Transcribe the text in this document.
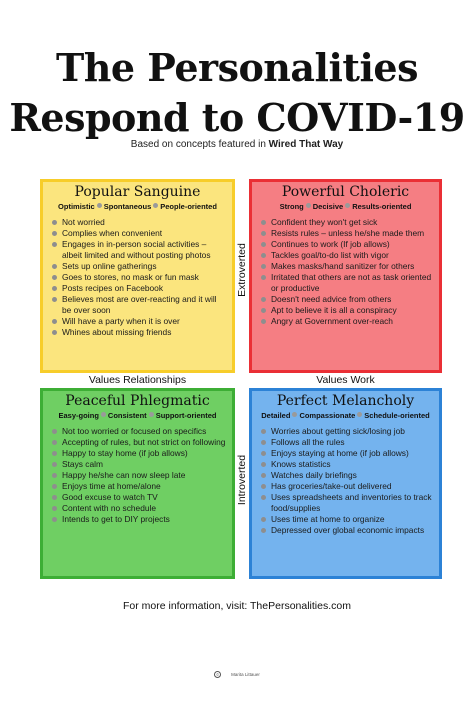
The Personalities
Respond to COVID-19
Based on concepts featured in Wired That Way
Popular Sanguine
Optimistic Spontaneous People-oriented
Not worried
Complies when convenient
Engages in in-person social activities – albeit limited and without posting photos
Sets up online gatherings
Goes to stores, no mask or fun mask
Posts recipes on Facebook
Believes most are over-reacting and it will be over soon
Will have a party when it is over
Whines about missing friends
Powerful Choleric
Strong Decisive Results-oriented
Confident they won't get sick
Resists rules – unless he/she made them
Continues to work (If job allows)
Tackles goal/to-do list with vigor
Makes masks/hand sanitizer for others
Irritated that others are not as task oriented or productive
Doesn't need advice from others
Apt to believe it is all a conspiracy
Angry at Government over-reach
Peaceful Phlegmatic
Easy-going Consistent Support-oriented
Not too worried or focused on specifics
Accepting of rules, but not strict on following
Happy to stay home (if job allows)
Stays calm
Happy he/she can now sleep late
Enjoys time at home/alone
Good excuse to watch TV
Content with no schedule
Intends to get to DIY projects
Perfect Melancholy
Detailed Compassionate Schedule-oriented
Worries about getting sick/losing job
Follows all the rules
Enjoys staying at home (if job allows)
Knows statistics
Watches daily briefings
Has groceries/take-out delivered
Uses spreadsheets and inventories to track food/supplies
Uses time at home to organize
Depressed over global economic impacts
Values Relationships	Values Work
Extroverted
Introverted
For more information, visit: ThePersonalities.com
©	Marita Littauer
